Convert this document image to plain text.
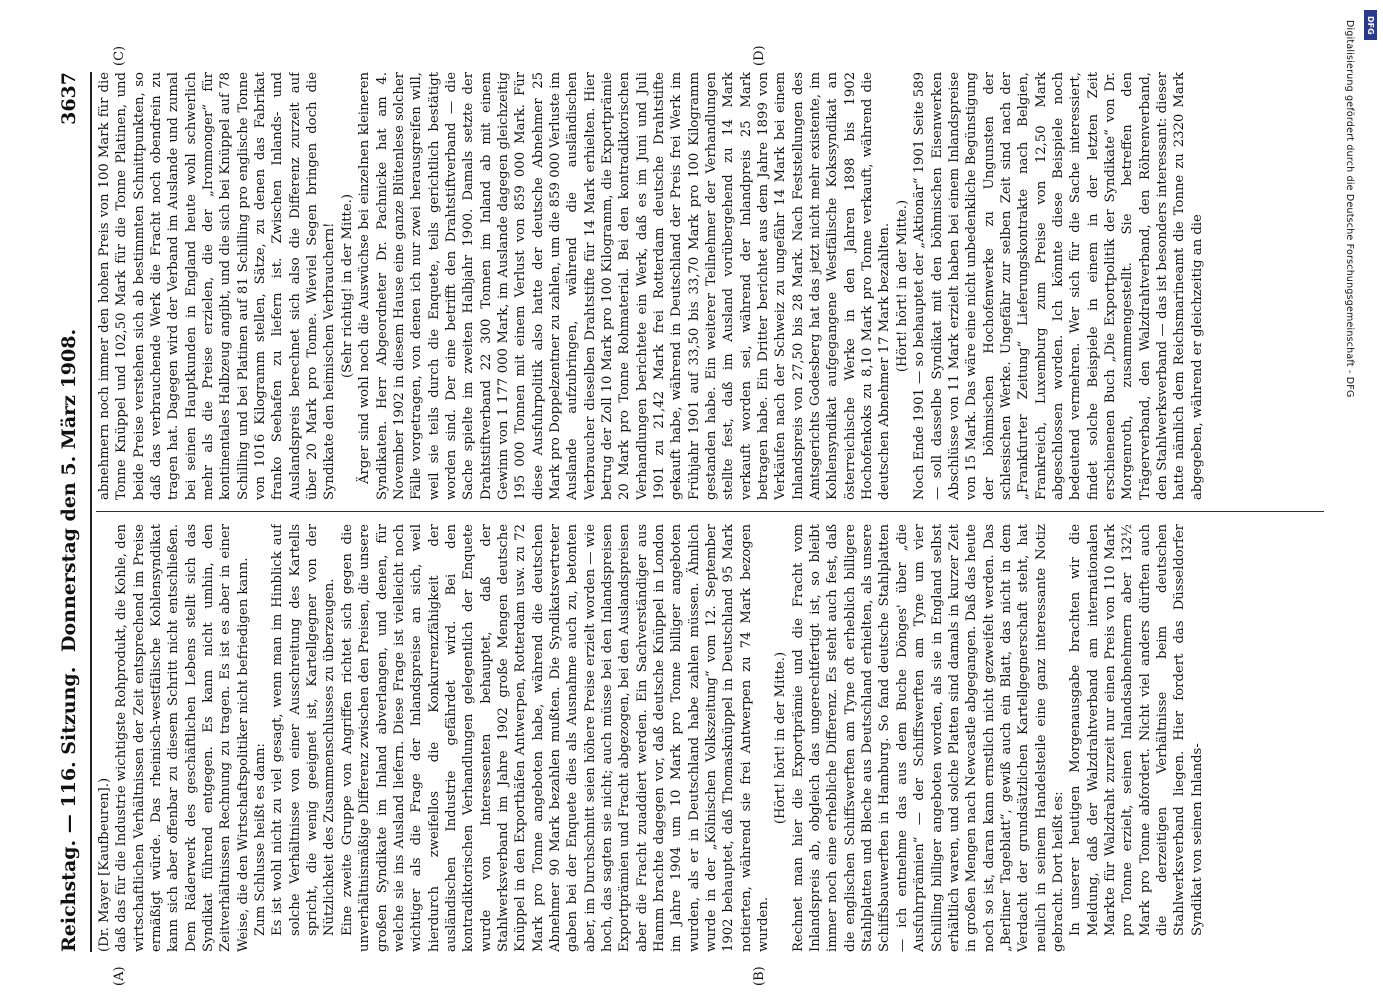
Reichstag. — 116. Sitzung.
Donnerstag den 5. März 1908.
3637

(Dr. Mayer [Kaufbeuren].) daß das für die Industrie wichtigste Rohprodukt, die Kohle, den wirtschaftlichen Verhältnissen der Zeit entsprechend im Preise ermäßigt würde. Das rheinisch-westfälische Kohlensyndikat kann sich aber offenbar zu diesem Schritt nicht entschließen. Dem Räderwerk des geschäftlichen Lebens stellt sich das Syndikat führend entgegen. Es kann nicht umhin, den Zeitverhältnissen Rechnung zu tragen. Es ist es aber in einer Weise, die den Wirtschaftspolitiker nicht befriedigen kann. Zum Schlusse heißt es dann: Es ist wohl nicht zu viel gesagt, wenn man im Hinblick auf solche Verhältnisse von einer Ausschreitung des Kartells spricht, die wenig geeignet ist, Kartellgegner von der Nützlichkeit des Zusammenschlusses zu überzeugen. Eine zweite Gruppe von Angriffen richtet sich gegen die unverhältnismäßige Differenz zwischen den Preisen, die unsere großen Syndikate im Inland abverlangen, und denen, für welche sie ins Ausland liefern. Diese Frage ist vielleicht noch wichtiger als die Frage der Inlandspreise an sich, weil hierdurch zweifellos die Konkurrenzfähigkeit der ausländischen Industrie gefährdet wird. Bei den kontradiktorischen Verhandlungen gelegentlich der Enquete wurde von Interessenten behauptet, daß der Stahlwerksverband im Jahre 1902 große Mengen deutsche Knüppel in den Exporthäfen Antwerpen, Rotterdam usw. zu 72 Mark pro Tonne angeboten habe, während die deutschen Abnehmer 90 Mark bezahlen mußten. Die Syndikatsvertreter gaben bei der Enquete dies als Ausnahme auch zu, betonten aber, im Durchschnitt seien höhere Preise erzielt worden — wie hoch, das sagten sie nicht; auch müsse bei den Inlandspreisen Exportprämien und Fracht abgezogen, bei den Auslandspreisen aber die Fracht zuaddiert werden. Ein Sachverständiger aus Hamm brachte dagegen vor, daß deutsche Knüppel in London im Jahre 1904 um 10 Mark pro Tonne billiger angeboten wurden, als er in Deutschland habe zahlen müssen. Ähnlich wurde in der „Kölnischen Volkszeitung“ vom 12. September 1902 behauptet, daß Thomasknüppel in Deutschland 95 Mark notierten, während sie frei Antwerpen zu 74 Mark bezogen wurden.

(Hört! hört! in der Mitte.) Rechnet man hier die Exportprämie und die Fracht vom Inlandspreis ab, obgleich das ungerechtfertigt ist, so bleibt immer noch eine erhebliche Differenz. Es steht auch fest, daß die englischen Schiffswerften am Tyne oft erheblich billigere Stahlplatten und Bleche aus Deutschland erhielten, als unsere Schiffsbauwerften in Hamburg. So fand deutsche Stahlplatten — ich entnehme das aus dem Buche Dönges' über „die Ausfuhrprämien“ — der Schiffswerften am Tyne um vier Schilling billiger angeboten worden, als sie in England selbst erhältlich waren, und solche Platten sind damals in kurzer Zeit in großen Mengen nach Newcastle abgegangen. Daß das heute noch so ist, daran kann ernstlich nicht gezweifelt werden. Das „Berliner Tageblatt“, gewiß auch ein Blatt, das nicht in dem Verdacht der grundsätzlichen Kartellgegnerschaft steht, hat neulich in seinem Handelsteile eine ganz interessante Notiz gebracht. Dort heißt es: In unserer heutigen Morgenausgabe brachten wir die Meldung, daß der Walzdrahtverband am internationalen Markte für Walzdraht zurzeit nur einen Preis von 110 Mark pro Tonne erzielt, seinen Inlandsabnehmern aber 132½ Mark pro Tonne abfordert. Nicht viel anders dürften auch die derzeitigen Verhältnisse beim deutschen Stahlwerksverband liegen. Hier fordert das Düsseldorfer Syndikat von seinen Inlands-

abnehmern noch immer den hohen Preis von 100 Mark für die Tonne Knüppel und 102,50 Mark für die Tonne Platinen, und beide Preise verstehen sich ab bestimmten Schnittpunkten, so daß das verbrauchende Werk die Fracht noch obendrein zu tragen hat. Dagegen wird der Verband im Auslande und zumal bei seinen Hauptkunden in England heute wohl schwerlich mehr als die Preise erzielen, die der „Ironmonger“ für kontinentales Halbzeug angibt, und die sich bei Knüppel auf 78 Schilling und bei Platinen auf 81 Schilling pro englische Tonne von 1016 Kilogramm stellen, Sätze, zu denen das Fabrikat franko Seehafen zu liefern ist. Zwischen Inlands- und Auslandspreis berechnet sich also die Differenz zurzeit auf über 20 Mark pro Tonne. Wieviel Segen bringen doch die Syndikate den heimischen Verbrauchern! (Sehr richtig! in der Mitte.) Ärger sind wohl noch die Auswüchse bei einzelnen kleineren Syndikaten. Herr Abgeordneter Dr. Pachnicke hat am 4. November 1902 in diesem Hause eine ganze Blütenlese solcher Fälle vorgetragen, von denen ich nur zwei herausgreifen will, weil sie teils durch die Enquete, teils gerichtlich bestätigt worden sind. Der eine betrifft den Drahtstiftverband — die Sache spielte im zweiten Halbjahr 1900. Damals setzte der Drahtstiftverband 22 300 Tonnen im Inland ab mit einem Gewinn von 1 177 000 Mark, im Auslande dagegen gleichzeitig 195 000 Tonnen mit einem Verlust von 859 000 Mark. Für diese Ausfuhrpolitik also hatte der deutsche Abnehmer 25 Mark pro Doppelzentner zu zahlen, um die 859 000 Verluste im Auslande aufzubringen, während die ausländischen Verbraucher dieselben Drahtstifte für 14 Mark erhielten. Hier betrug der Zoll 10 Mark pro 100 Kilogramm, die Exportprämie 20 Mark pro Tonne Rohmaterial. Bei den kontradiktorischen Verhandlungen berichtete ein Werk, daß es im Juni und Juli 1901 zu 21,42 Mark frei Rotterdam deutsche Drahtstifte gekauft habe, während in Deutschland der Preis frei Werk im Frühjahr 1901 auf 33,50 bis 33,70 Mark pro 100 Kilogramm gestanden habe. Ein weiterer Teilnehmer der Verhandlungen stellte fest, daß im Ausland vorübergehend zu 14 Mark verkauft worden sei, während der Inlandpreis 25 Mark betragen habe. Ein Dritter berichtet aus dem Jahre 1899 von Verkäufen nach der Schweiz zu ungefähr 14 Mark bei einem Inlandspreis von 27,50 bis 28 Mark. Nach Feststellungen des Amtsgerichts Godesberg hat das jetzt nicht mehr existente, im Kohlensyndikat aufgegangene Westfälische Kokssyndikat an österreichische Werke in den Jahren 1898 bis 1902 Hochofenkoks zu 8,10 Mark pro Tonne verkauft, während die deutschen Abnehmer 17 Mark bezahlten. (Hört! hört! in der Mitte.) Noch Ende 1901 — so behauptet der „Aktionär“ 1901 Seite 589 — soll dasselbe Syndikat mit den böhmischen Eisenwerken Abschlüsse von 11 Mark erzielt haben bei einem Inlandspreise von 15 Mark. Das wäre eine nicht unbedenkliche Begünstigung der böhmischen Hochofenwerke zu Ungunsten der schlesischen Werke. Ungefähr zur selben Zeit sind nach der „Frankfurter Zeitung“ Lieferungskontrakte nach Belgien, Frankreich, Luxemburg zum Preise von 12,50 Mark abgeschlossen worden. Ich könnte diese Beispiele noch bedeutend vermehren. Wer sich für die Sache interessiert, findet solche Beispiele in einem in der letzten Zeit erschienenen Buch „Die Exportpolitik der Syndikate“ von Dr. Morgenroth, zusammengestellt. Sie betreffen den Trägerverband, den Walzdrahtverband, den Röhrenverband, den Stahlwerksverband — das ist besonders interessant: dieser hatte nämlich dem Reichsmarineamt die Tonne zu 2320 Mark abgegeben, während er gleichzeitig an die

(A)	(B)
(C)	(D)	Digitalisierung gefördert durch die Deutsche Forschungsgemeinschaft - DFG DFG
